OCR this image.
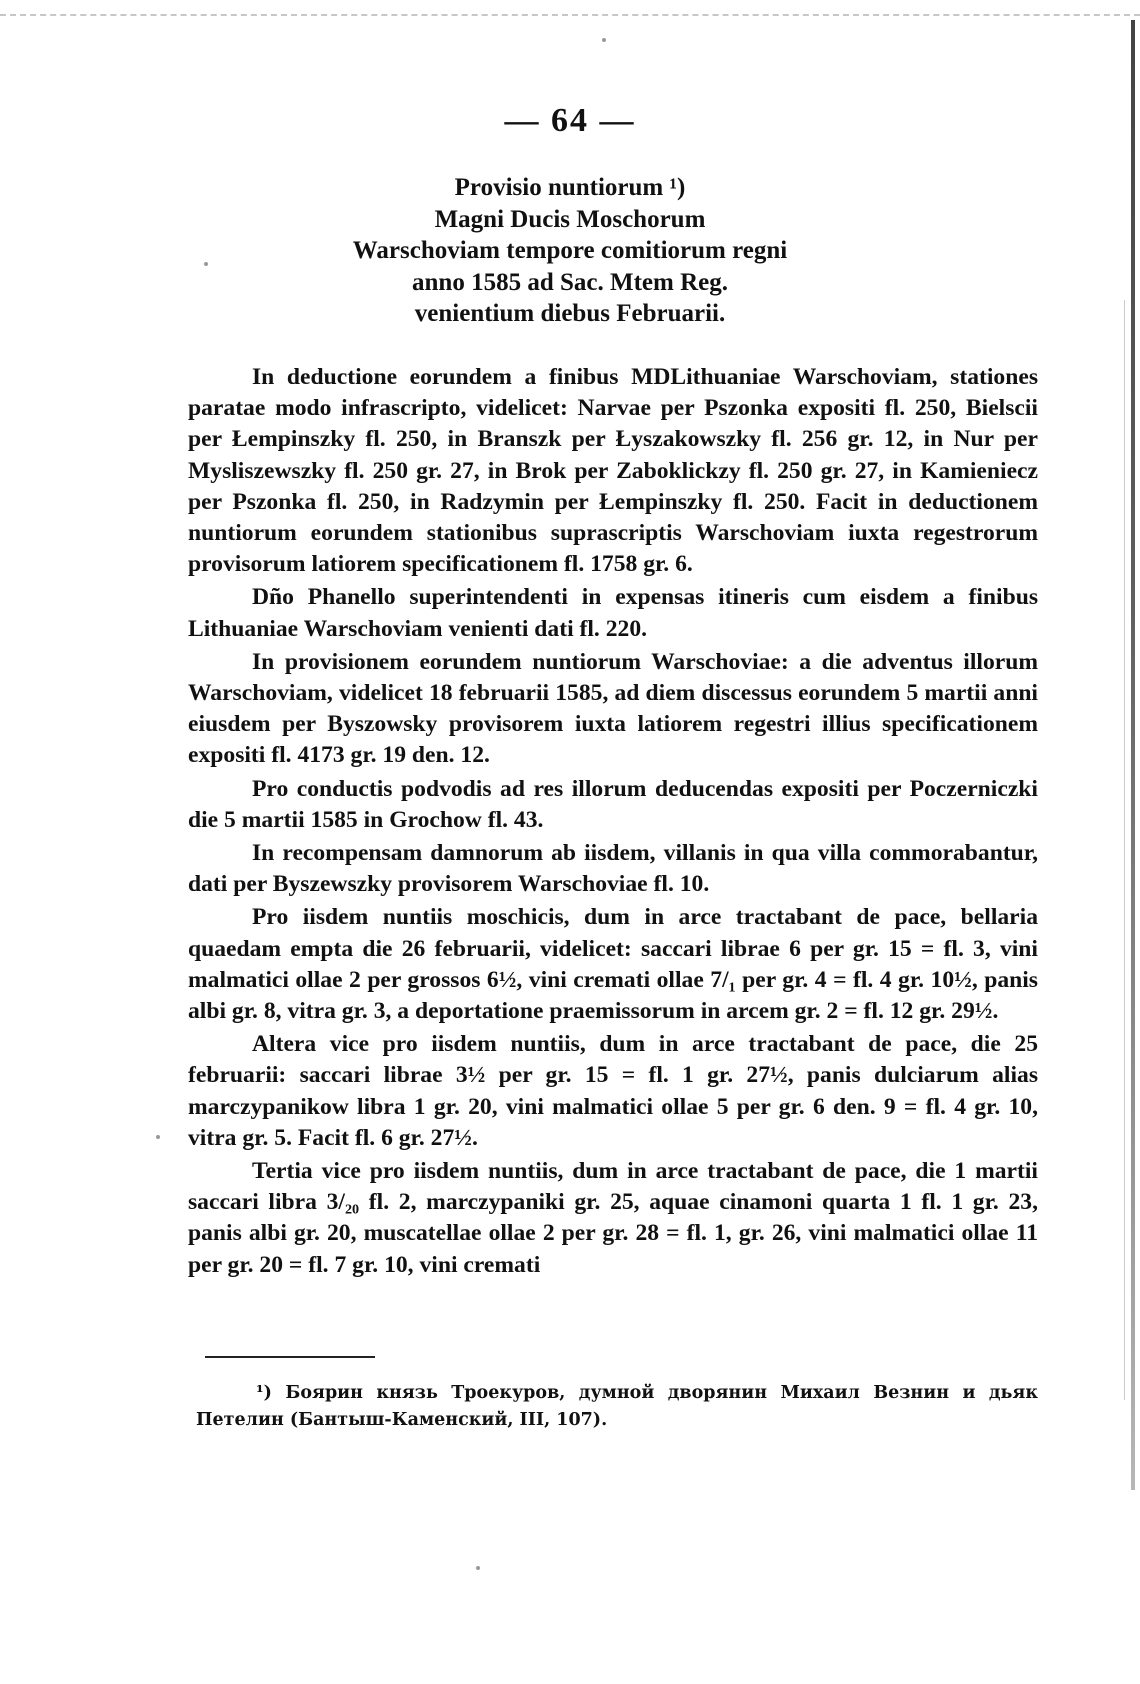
— 64 —
Provisio nuntiorum ¹)
Magni Ducis Moschorum
Warschoviam tempore comitiorum regni
anno 1585 ad Sac. Mtem Reg.
venientium diebus Februarii.

In deductione eorundem a finibus MDLithuaniae Warschoviam, stationes paratae modo infrascripto, videlicet: Narvae per Pszonka expositi fl. 250, Bielscii per Łempinszky fl. 250, in Branszk per Łyszakowszky fl. 256 gr. 12, in Nur per Mysliszewszky fl. 250 gr. 27, in Brok per Zaboklickzy fl. 250 gr. 27, in Kamieniecz per Pszonka fl. 250, in Radzymin per Łempinszky fl. 250. Facit in deductionem nuntiorum eorundem stationibus suprascriptis Warschoviam iuxta regestrorum provisorum latiorem specificationem fl. 1758 gr. 6.

Dño Phanello superintendenti in expensas itineris cum eisdem a finibus Lithuaniae Warschoviam venienti dati fl. 220.

In provisionem eorundem nuntiorum Warschoviae: a die adventus illorum Warschoviam, videlicet 18 februarii 1585, ad diem discessus eorundem 5 martii anni eiusdem per Byszowsky provisorem iuxta latiorem regestri illius specificationem expositi fl. 4173 gr. 19 den. 12.

Pro conductis podvodis ad res illorum deducendas expositi per Poczerniczki die 5 martii 1585 in Grochow fl. 43.

In recompensam damnorum ab iisdem, villanis in qua villa commorabantur, dati per Byszewszky provisorem Warschoviae fl. 10.

Pro iisdem nuntiis moschicis, dum in arce tractabant de pace, bellaria quaedam empta die 26 februarii, videlicet: saccari librae 6 per gr. 15 = fl. 3, vini malmatici ollae 2 per grossos 6½, vini cremati ollae 7/₁ per gr. 4 = fl. 4 gr. 10½, panis albi gr. 8, vitra gr. 3, a deportatione praemissorum in arcem gr. 2 = fl. 12 gr. 29½.

Altera vice pro iisdem nuntiis, dum in arce tractabant de pace, die 25 februarii: saccari librae 3½ per gr. 15 = fl. 1 gr. 27½, panis dulciarum alias marczypanikow libra 1 gr. 20, vini malmatici ollae 5 per gr. 6 den. 9 = fl. 4 gr. 10, vitra gr. 5. Facit fl. 6 gr. 27½.

Tertia vice pro iisdem nuntiis, dum in arce tractabant de pace, die 1 martii saccari libra 3/₂₀ fl. 2, marczypaniki gr. 25, aquae cinamoni quarta 1 fl. 1 gr. 23, panis albi gr. 20, muscatellae ollae 2 per gr. 28 = fl. 1, gr. 26, vini malmatici ollae 11 per gr. 20 = fl. 7 gr. 10, vini cremati

¹) Боярин князь Троекуров, думной дворянин Михаил Везнин и дьяк Петелин (Бантыш-Каменский, III, 107).
